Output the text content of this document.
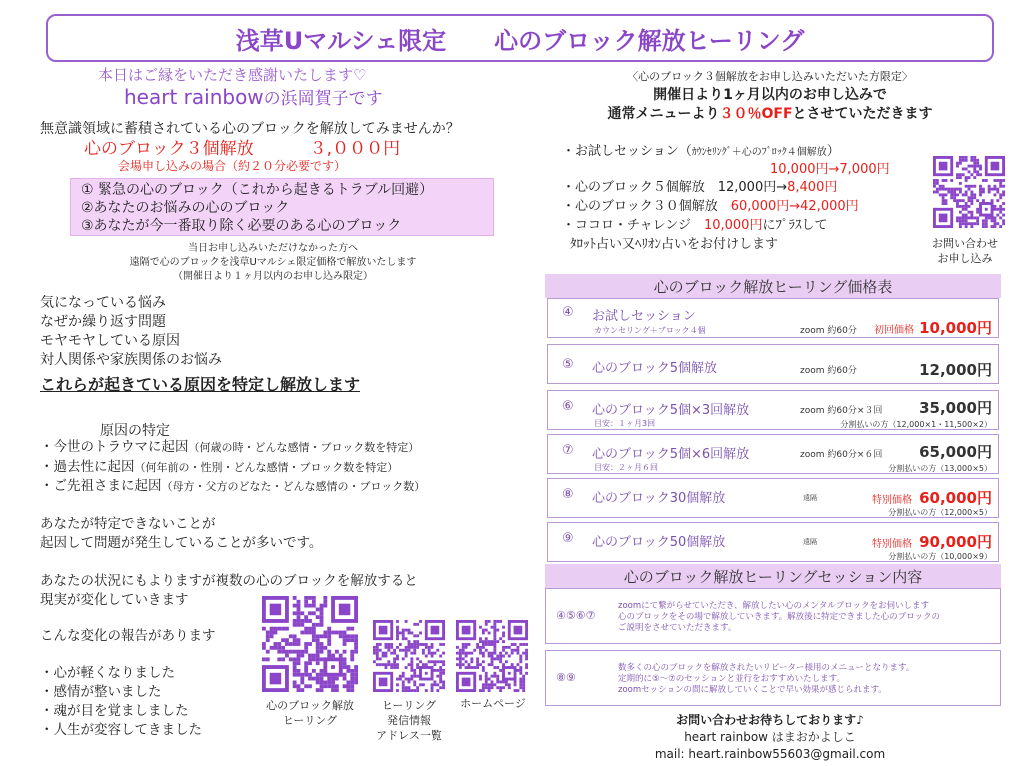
浅草Uマルシェ限定 心のブロック解放ヒーリング
本日はご縁をいただき感謝いたします♡
heart rainbowの浜岡賀子です
無意識領域に蓄積されている心のブロックを解放してみませんか？
心のブロック３個解放	３,０００円
会場申し込みの場合（約２０分必要です）
① 緊急の心のブロック（これから起きるトラブル回避）
②あなたのお悩みの心のブロック
③あなたが今一番取り除く必要のある心のブロック
当日お申し込みいただけなかった方へ
遠隔で心のブロックを浅草Uマルシェ限定価格で解放いたします
（開催日より１ヶ月以内のお申し込み限定）
気になっている悩み
なぜか繰り返す問題
モヤモヤしている原因
対人関係や家族関係のお悩み
これらが起きている原因を特定し解放します
原因の特定
・今世のトラウマに起因（何歳の時・どんな感情・ブロック数を特定）
・過去性に起因（何年前の・性別・どんな感情・ブロック数を特定）
・ご先祖さまに起因（母方・父方のどなた・どんな感情の・ブロック数）
あなたが特定できないことが
起因して問題が発生していることが多いです。
あなたの状況にもよりますが複数の心のブロックを解放すると
現実が変化していきます
こんな変化の報告があります
・心が軽くなりました
・感情が整いました
・魂が目を覚ましました
・人生が変容してきました
心のブロック解放
ヒーリング
ヒーリング
発信情報
アドレス一覧
ホームページ
〈心のブロック３個解放をお申し込みいただいた方限定〉
開催日より1ヶ月以内のお申し込みで
通常メニューより３０％OFFとさせていただきます
・お試しセッション（ｶｳﾝｾﾘﾝｸﾞ＋心のﾌﾞﾛｯｸ４個解放）
10,000円→7,000円
・心のブロック５個解放　12,000円→8,400円
・心のブロック３０個解放　60,000円→42,000円
・ココロ・チャレンジ　10,000円にﾌﾟﾗｽして
ﾀﾛｯﾄ占い又ﾍﾘｵﾝ占いをお付けします	お問い合わせ
お申し込み
心のブロック解放ヒーリング価格表
④ お試しセッション
カウンセリング＋ブロック４個	zoom 約60分 初回価格 10,000円
⑤ 心のブロック5個解放	zoom 約60分	12,000円
⑥ 心のブロック5個×3回解放
目安：１ヶ月3回
zoom 約60分×３回 35,000円
分割払いの方（12,000×1・11,500×2）
⑦ 心のブロック5個×6回解放
目安：２ヶ月６回
zoom 約60分×６回 65,000円
分割払いの方（13,000×5）
⑧ 心のブロック30個解放	遠隔	特別価格 60,000円
分割払いの方（12,000×5）
⑨ 心のブロック50個解放	遠隔	特別価格 90,000円
分割払いの方（10,000×9）
心のブロック解放ヒーリングセッション内容
④⑤⑥⑦
zoomにて繋がらせていただき、解放したい心のメンタルブロックをお伺いします
心のブロックをその場で解放していきます。解放後に特定できました心のブロックの
ご説明をさせていただきます。
⑧⑨
数多くの心のブロックを解放されたいリピーター様用のメニューとなります。
定期的に⑤～⑦のセッションと並行をおすすめいたします。
zoomセッションの間に解放していくことで早い効果が感じられます。
お問い合わせお待ちしております♪
heart rainbow はまおかよしこ
mail: heart.rainbow55603@gmail.com
